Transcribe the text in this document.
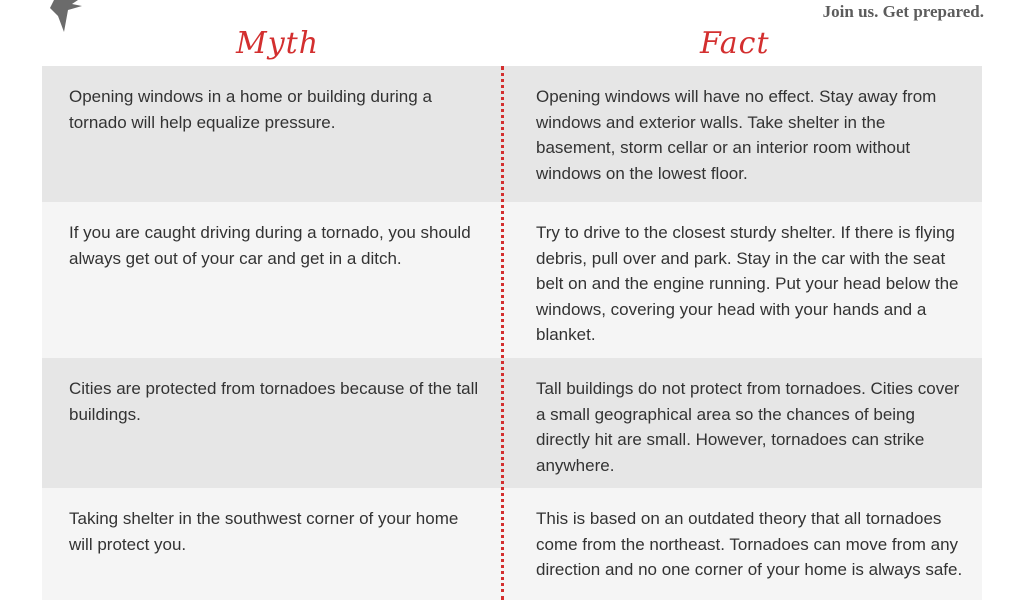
Join us. Get prepared.
Myth	Fact
Opening windows in a home or building during a tornado will help equalize pressure.
Opening windows will have no effect. Stay away from windows and exterior walls. Take shelter in the basement, storm cellar or an interior room without windows on the lowest floor.
If you are caught driving during a tornado, you should always get out of your car and get in a ditch.
Try to drive to the closest sturdy shelter. If there is flying debris, pull over and park. Stay in the car with the seat belt on and the engine running. Put your head below the windows, covering your head with your hands and a blanket.
Cities are protected from tornadoes because of the tall buildings.
Tall buildings do not protect from tornadoes. Cities cover a small geographical area so the chances of being directly hit are small. However, tornadoes can strike anywhere.
Taking shelter in the southwest corner of your home will protect you.
This is based on an outdated theory that all tornadoes come from the northeast. Tornadoes can move from any direction and no one corner of your home is always safe.
